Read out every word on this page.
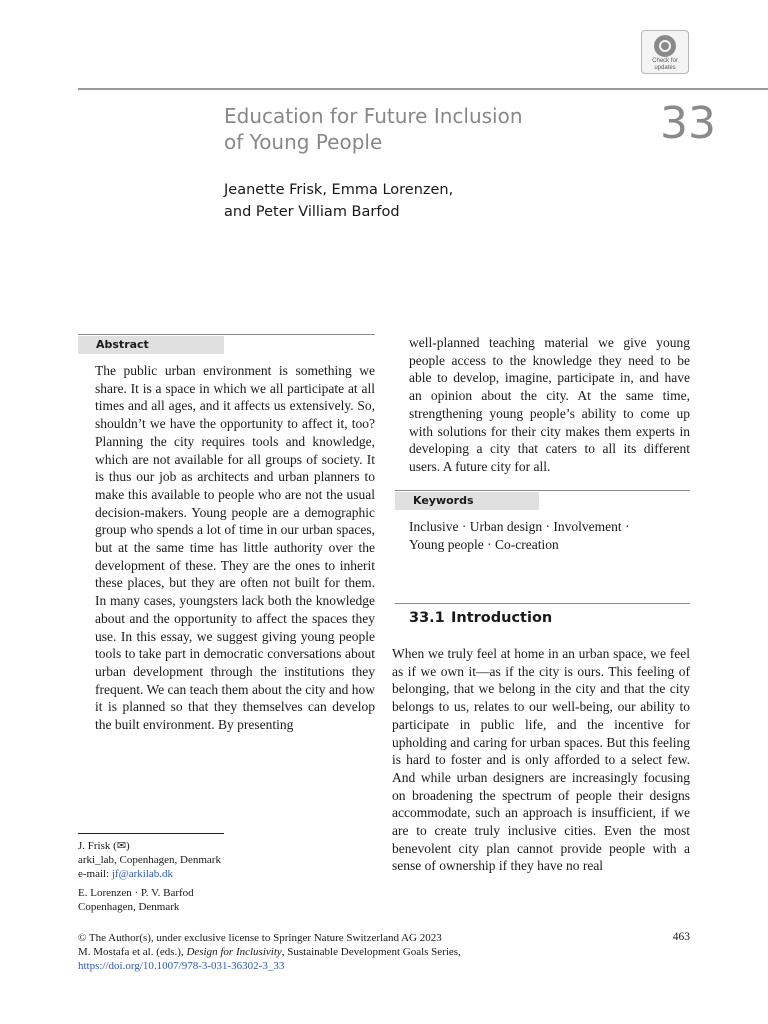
Check for
updates
Education for Future Inclusion
of Young People	33
Jeanette Frisk, Emma Lorenzen,
and Peter Villiam Barfod
Abstract
The public urban environment is something we share. It is a space in which we all participate at all times and all ages, and it affects us extensively. So, shouldn’t we have the opportunity to affect it, too? Planning the city requires tools and knowledge, which are not available for all groups of society. It is thus our job as architects and urban planners to make this available to people who are not the usual decision-makers. Young people are a demographic group who spends a lot of time in our urban spaces, but at the same time has little authority over the development of these. They are the ones to inherit these places, but they are often not built for them. In many cases, youngsters lack both the knowledge about and the opportunity to affect the spaces they use. In this essay, we suggest giving young people tools to take part in democratic conversations about urban development through the institutions they frequent. We can teach them about the city and how it is planned so that they themselves can develop the built environment. By presenting
well-planned teaching material we give young people access to the knowledge they need to be able to develop, imagine, participate in, and have an opinion about the city. At the same time, strengthening young people’s ability to come up with solutions for their city makes them experts in developing a city that caters to all its different users. A future city for all.
Keywords
Inclusive · Urban design · Involvement ·
Young people · Co-creation
33.1 Introduction
When we truly feel at home in an urban space, we feel as if we own it—as if the city is ours. This feeling of belonging, that we belong in the city and that the city belongs to us, relates to our well-being, our ability to participate in public life, and the incentive for upholding and caring for urban spaces. But this feeling is hard to foster and is only afforded to a select few. And while urban designers are increasingly focusing on broadening the spectrum of people their designs accommodate, such an approach is insufficient, if we are to create truly inclusive cities. Even the most benevolent city plan cannot provide people with a sense of ownership if they have no real
J. Frisk (✉)
arki_lab, Copenhagen, Denmark
e-mail: jf@arkilab.dk
E. Lorenzen · P. V. Barfod
Copenhagen, Denmark
© The Author(s), under exclusive license to Springer Nature Switzerland AG 2023
M. Mostafa et al. (eds.), Design for Inclusivity, Sustainable Development Goals Series,
https://doi.org/10.1007/978-3-031-36302-3_33
463
